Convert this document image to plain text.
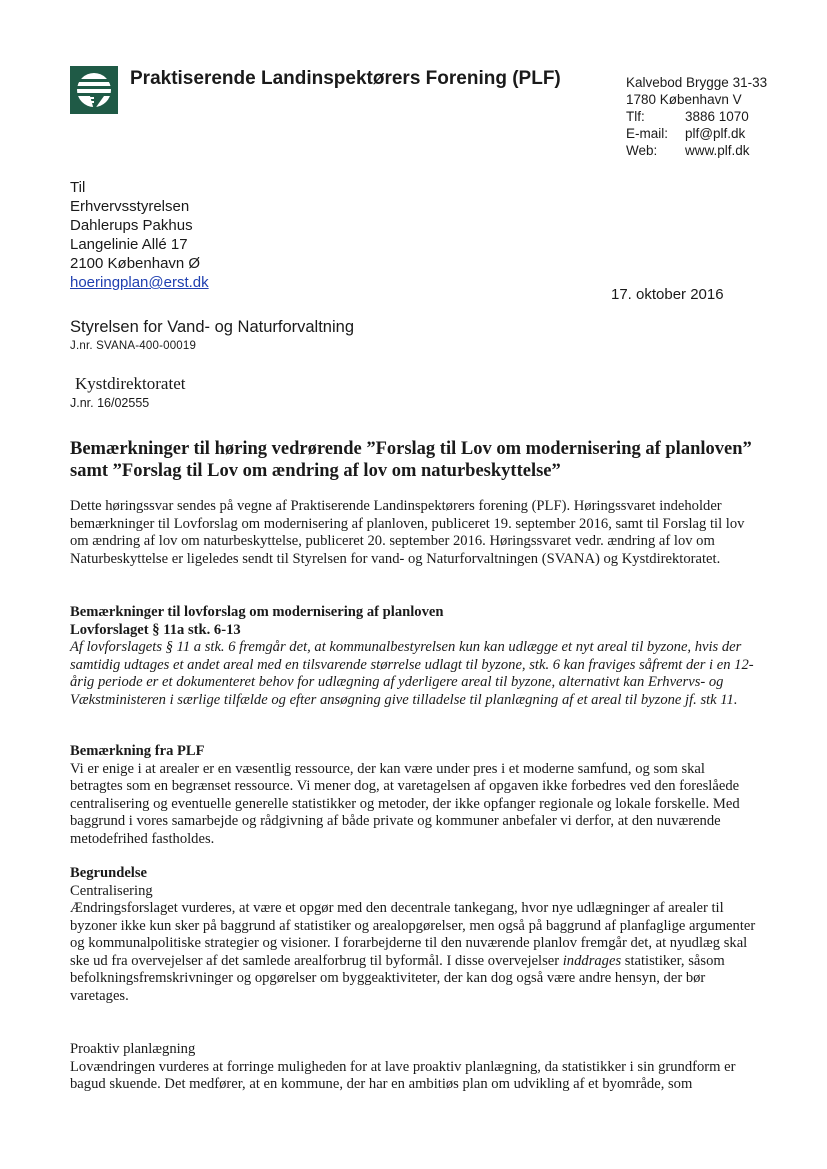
Praktiserende Landinspektørers Forening (PLF)	Kalvebod Brygge 31-33
1780 København V
Tlf:	3886 1070
E-mail: plf@plf.dk
Web: www.plf.dk
Til
Erhvervsstyrelsen
Dahlerups Pakhus
Langelinie Allé 17
2100 København Ø
hoeringplan@erst.dk
17. oktober 2016
Styrelsen for Vand- og Naturforvaltning
J.nr. SVANA-400-00019
Kystdirektoratet
J.nr. 16/02555
Bemærkninger til høring vedrørende ”Forslag til Lov om modernisering af planloven” samt ”Forslag til Lov om ændring af lov om naturbeskyttelse”

Dette høringssvar sendes på vegne af Praktiserende Landinspektørers forening (PLF). Høringssvaret indeholder bemærkninger til Lovforslag om modernisering af planloven, publiceret 19. september 2016, samt til Forslag til lov om ændring af lov om naturbeskyttelse, publiceret 20. september 2016. Høringssvaret vedr. ændring af lov om Naturbeskyttelse er ligeledes sendt til Styrelsen for vand- og Naturforvaltningen (SVANA) og Kystdirektoratet.

Bemærkninger til lovforslag om modernisering af planloven
Lovforslaget § 11a stk. 6-13
Af lovforslagets § 11 a stk. 6 fremgår det, at kommunalbestyrelsen kun kan udlægge et nyt areal til byzone, hvis der samtidig udtages et andet areal med en tilsvarende størrelse udlagt til byzone, stk. 6 kan fraviges såfremt der i en 12-årig periode er et dokumenteret behov for udlægning af yderligere areal til byzone, alternativt kan Erhvervs- og Vækstministeren i særlige tilfælde og efter ansøgning give tilladelse til planlægning af et areal til byzone jf. stk 11.
Bemærkning fra PLF
Vi er enige i at arealer er en væsentlig ressource, der kan være under pres i et moderne samfund, og som skal betragtes som en begrænset ressource. Vi mener dog, at varetagelsen af opgaven ikke forbedres ved den foreslåede centralisering og eventuelle generelle statistikker og metoder, der ikke opfanger regionale og lokale forskelle. Med baggrund i vores samarbejde og rådgivning af både private og kommuner anbefaler vi derfor, at den nuværende metodefrihed fastholdes.
Begrundelse
Centralisering
Ændringsforslaget vurderes, at være et opgør med den decentrale tankegang, hvor nye udlægninger af arealer til byzoner ikke kun sker på baggrund af statistiker og arealopgørelser, men også på baggrund af planfaglige argumenter og kommunalpolitiske strategier og visioner. I forarbejderne til den nuværende planlov fremgår det, at nyudlæg skal ske ud fra overvejelser af det samlede arealforbrug til byformål. I disse overvejelser inddrages statistiker, såsom befolkningsfremskrivninger og opgørelser om byggeaktiviteter, der kan dog også være andre hensyn, der bør varetages.
Proaktiv planlægning
Lovændringen vurderes at forringe muligheden for at lave proaktiv planlægning, da statistikker i sin grundform er bagud skuende. Det medfører, at en kommune, der har en ambitiøs plan om udvikling af et byområde, som
